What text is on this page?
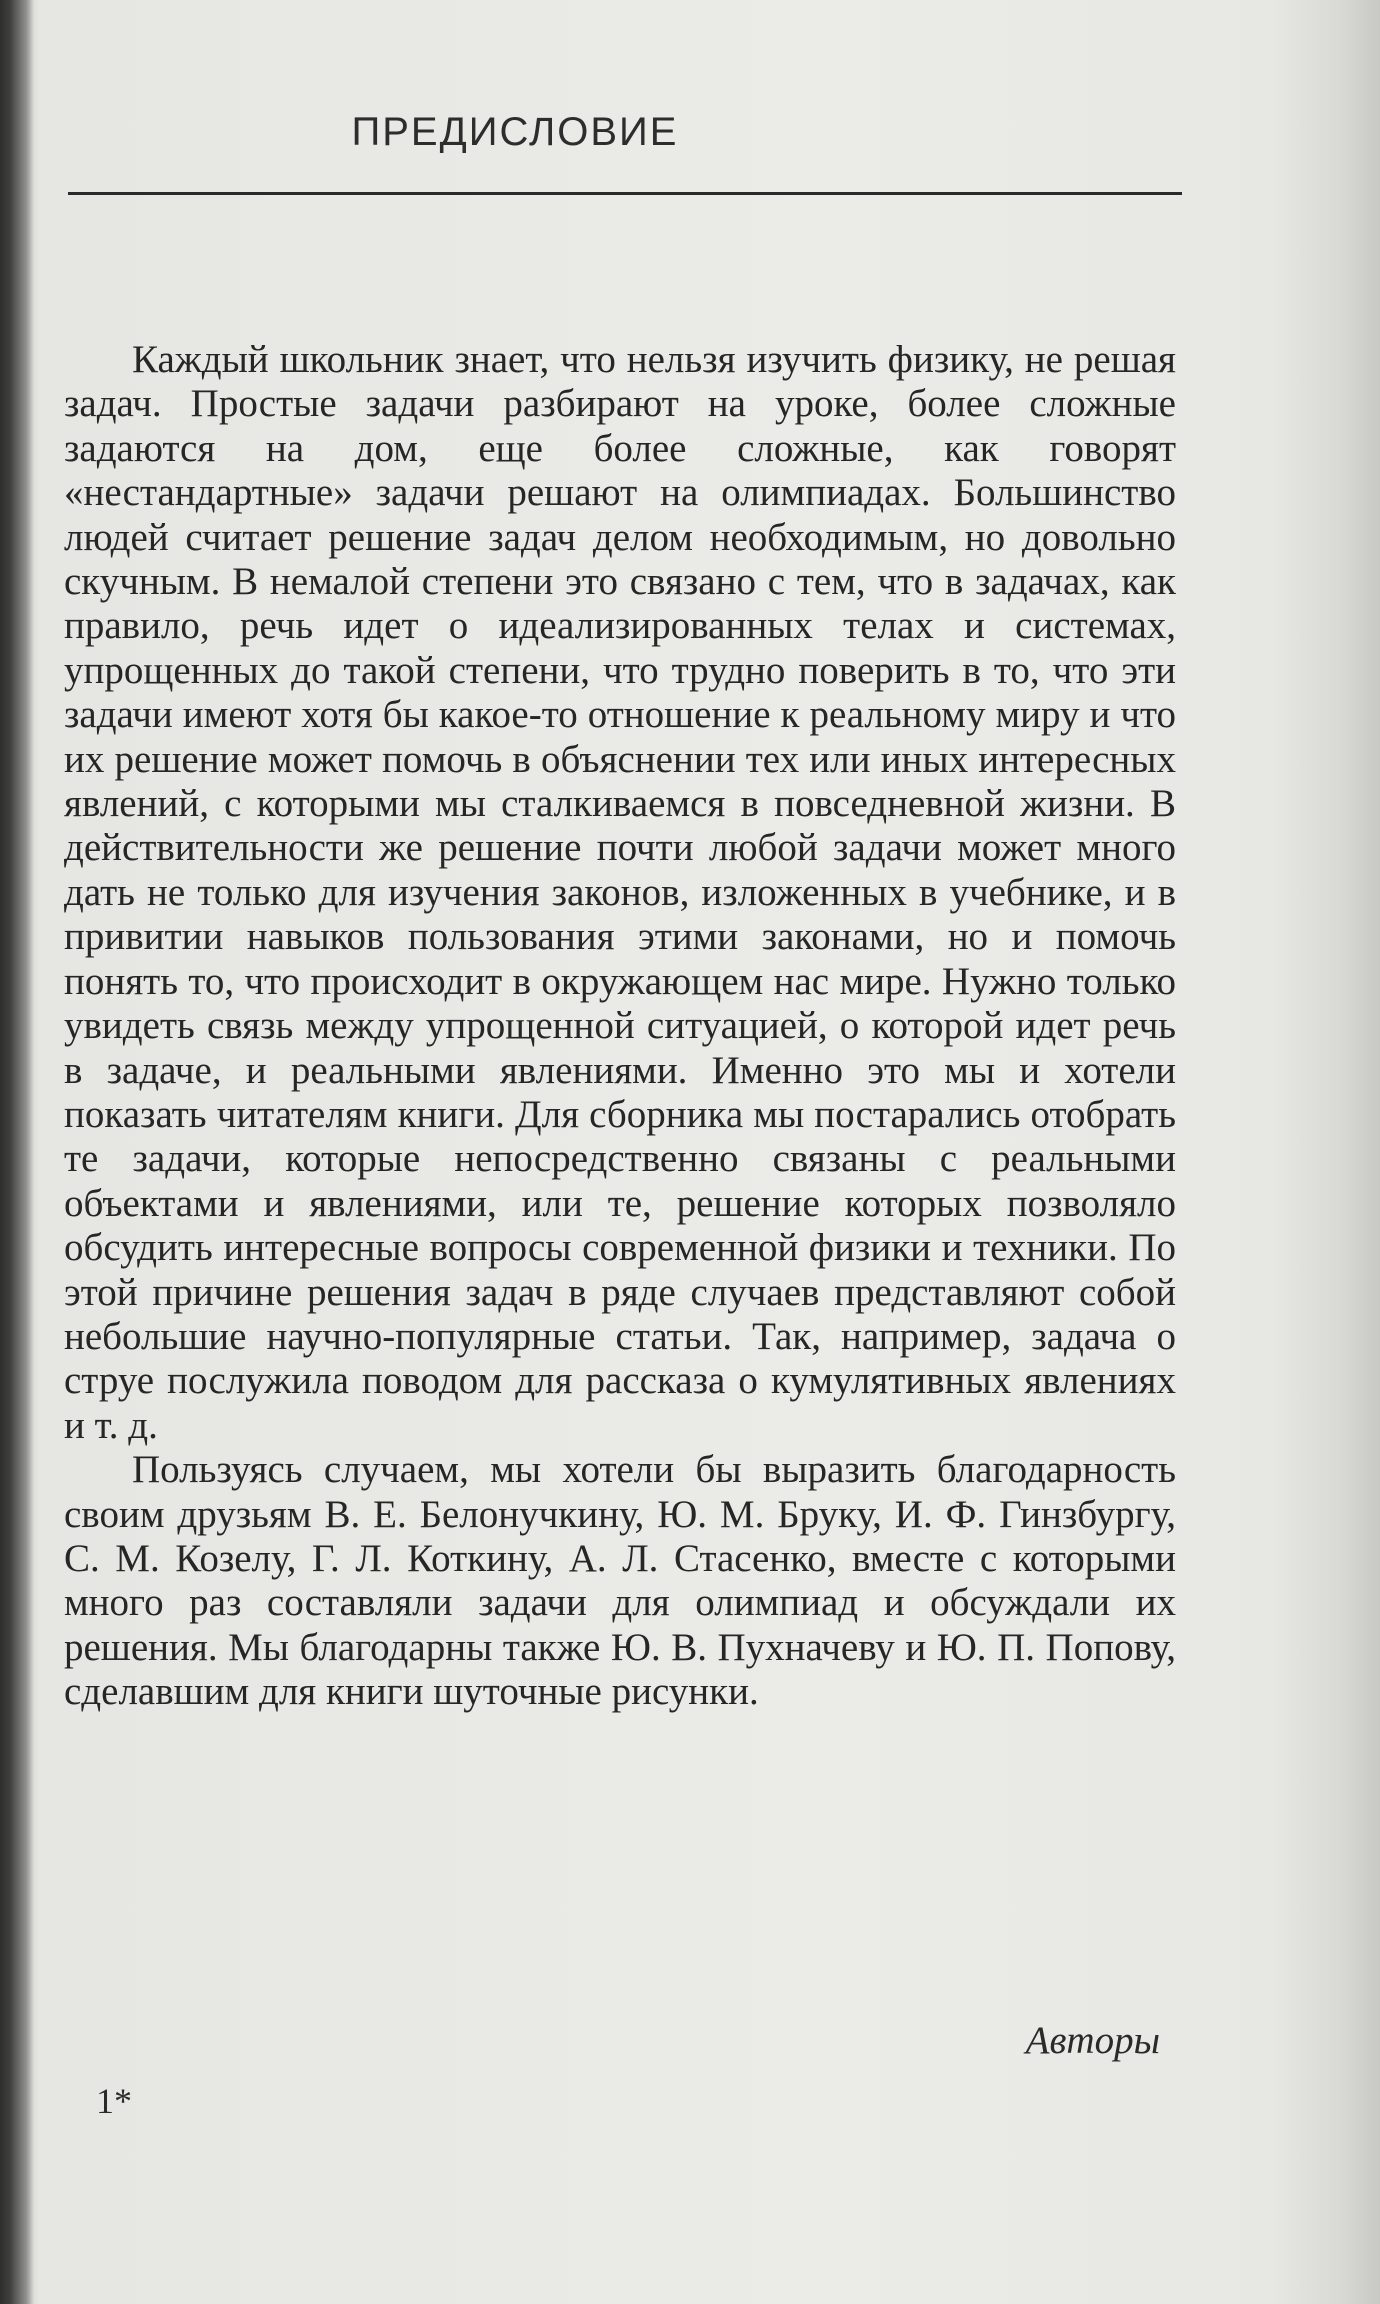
ПРЕДИСЛОВИЕ

Каждый школьник знает, что нельзя изучить физику, не решая задач. Простые задачи разбирают на уроке, более сложные задаются на дом, еще более сложные, как говорят «нестандартные» задачи решают на олимпиадах. Большинство людей считает решение задач делом необходимым, но довольно скучным. В немалой степени это связано с тем, что в задачах, как правило, речь идет о идеализированных телах и системах, упрощенных до такой степени, что трудно поверить в то, что эти задачи имеют хотя бы какое-то отношение к реальному миру и что их решение может помочь в объяснении тех или иных интересных явлений, с которыми мы сталкиваемся в повседневной жизни. В действительности же решение почти любой задачи может много дать не только для изучения законов, изложенных в учебнике, и в привитии навыков пользования этими законами, но и помочь понять то, что происходит в окружающем нас мире. Нужно только увидеть связь между упрощенной ситуацией, о которой идет речь в задаче, и реальными явлениями. Именно это мы и хотели показать читателям книги. Для сборника мы постарались отобрать те задачи, которые непосредственно связаны с реальными объектами и явлениями, или те, решение которых позволяло обсудить интересные вопросы современной физики и техники. По этой причине решения задач в ряде случаев представляют собой небольшие научно-популярные статьи. Так, например, задача о струе послужила поводом для рассказа о кумулятивных явлениях и т. д.

Пользуясь случаем, мы хотели бы выразить благодарность своим друзьям В. Е. Белонучкину, Ю. М. Бруку, И. Ф. Гинзбургу, С. М. Козелу, Г. Л. Коткину, А. Л. Стасенко, вместе с которыми много раз составляли задачи для олимпиад и обсуждали их решения. Мы благодарны также Ю. В. Пухначеву и Ю. П. Попову, сделавшим для книги шуточные рисунки.

Авторы

1*
